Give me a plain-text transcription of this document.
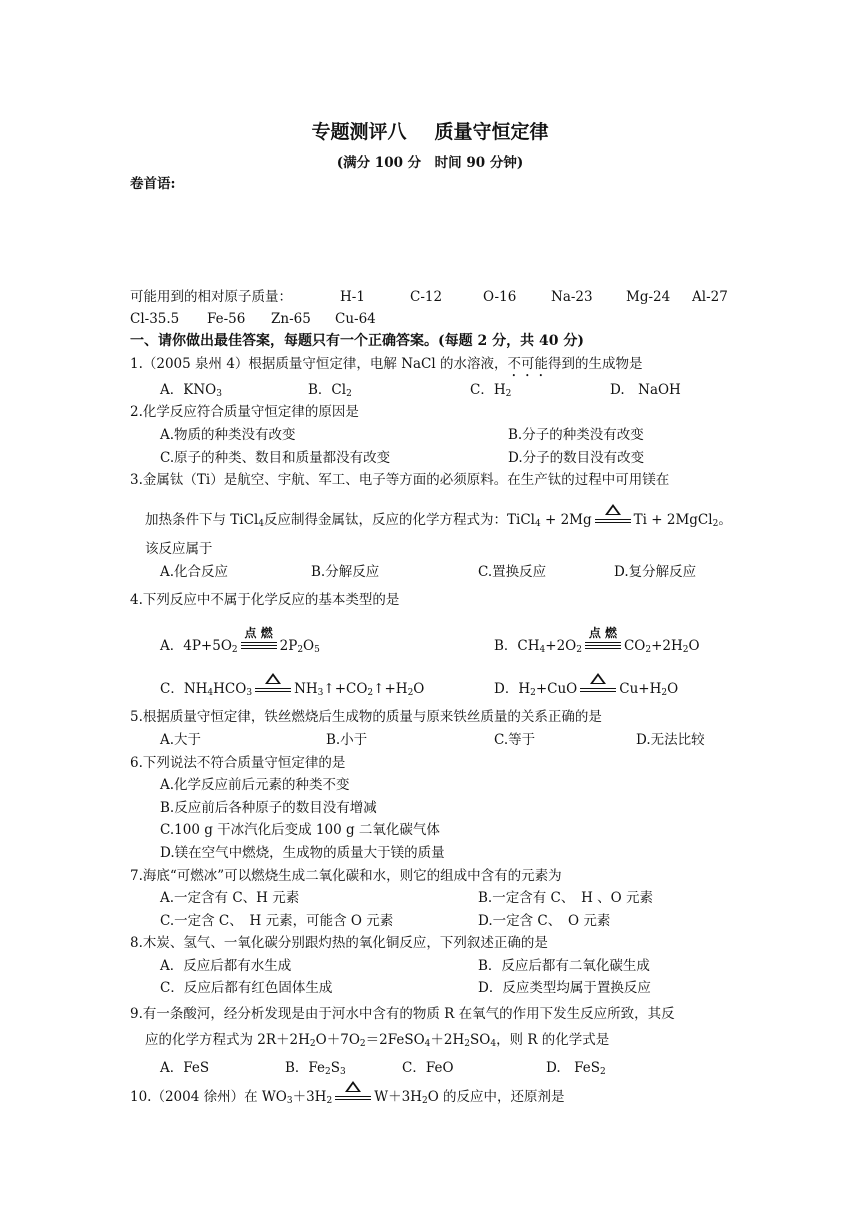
专题测评八 质量守恒定律
(满分 100 分　时间 90 分钟)
卷首语:
可能用到的相对原子质量：	H-1	C-12	O-16	Na-23 Mg-24 Al-27
Cl-35.5 Fe-56 Zn-65 Cu-64
一、请你做出最佳答案，每题只有一个正确答案。(每题 2 分，共 40 分)
1.（2005 泉州 4）根据质量守恒定律，电解 NaCl 的水溶液，不可能得到的生成物是
A．$KNO_3$	B．$Cl_2$	C．$H_2$	D.　NaOH
2.化学反应符合质量守恒定律的原因是
A.物质的种类没有改变	B.分子的种类没有改变
C.原子的种类、数目和质量都没有改变	D.分子的数目没有改变
3.金属钛（Ti）是航空、宇航、军工、电子等方面的必须原料。在生产钛的过程中可用镁在
加热条件下与 TiCl$_4$反应制得金属钛，反应的化学方程式为：TiCl$_4$ + 2Mg	Ti + 2MgCl$_2$。
该反应属于
A.化合反应	B.分解反应	C.置换反应	D.复分解反应
4.下列反应中不属于化学反应的基本类型的是
A．$4P+5O_2$
点 燃
$2P_2O_5$	B．$CH_4+2O_2$
点 燃
$CO_2+2H_2O$
C．$NH_4HCO_3$	$NH_3↑+CO_2↑+H_2O$	D．$H_2+CuO$	$Cu+H_2O$
5.根据质量守恒定律，铁丝燃烧后生成物的质量与原来铁丝质量的关系正确的是
A.大于	B.小于	C.等于	D.无法比较
6.下列说法不符合质量守恒定律的是
A.化学反应前后元素的种类不变
B.反应前后各种原子的数目没有增减
C.100 g 干冰汽化后变成 100 g 二氧化碳气体
D.镁在空气中燃烧，生成物的质量大于镁的质量
7.海底“可燃冰”可以燃烧生成二氧化碳和水，则它的组成中含有的元素为
A.一定含有 C、H 元素	B.一定含有 C、　H 、O 元素
C.一定含 C、　H 元素，可能含 O 元素	D.一定含 C、　O 元素
8.木炭、氢气、一氧化碳分别跟灼热的氧化铜反应，下列叙述正确的是
A．反应后都有水生成	B．反应后都有二氧化碳生成
C．反应后都有红色固体生成	D．反应类型均属于置换反应
9.有一条酸河，经分析发现是由于河水中含有的物质 R 在氧气的作用下发生反应所致，其反
应的化学方程式为 $2R+2H_2O+7O_2=2FeSO_4+2H_2SO_4$，则 R 的化学式是
A．FeS	B．$Fe_2S_3$	C．FeO	D.　FeS$_2$
10.（2004 徐州）在 $WO_3+3H_2$	$W+3H_2O$ 的反应中，还原剂是
